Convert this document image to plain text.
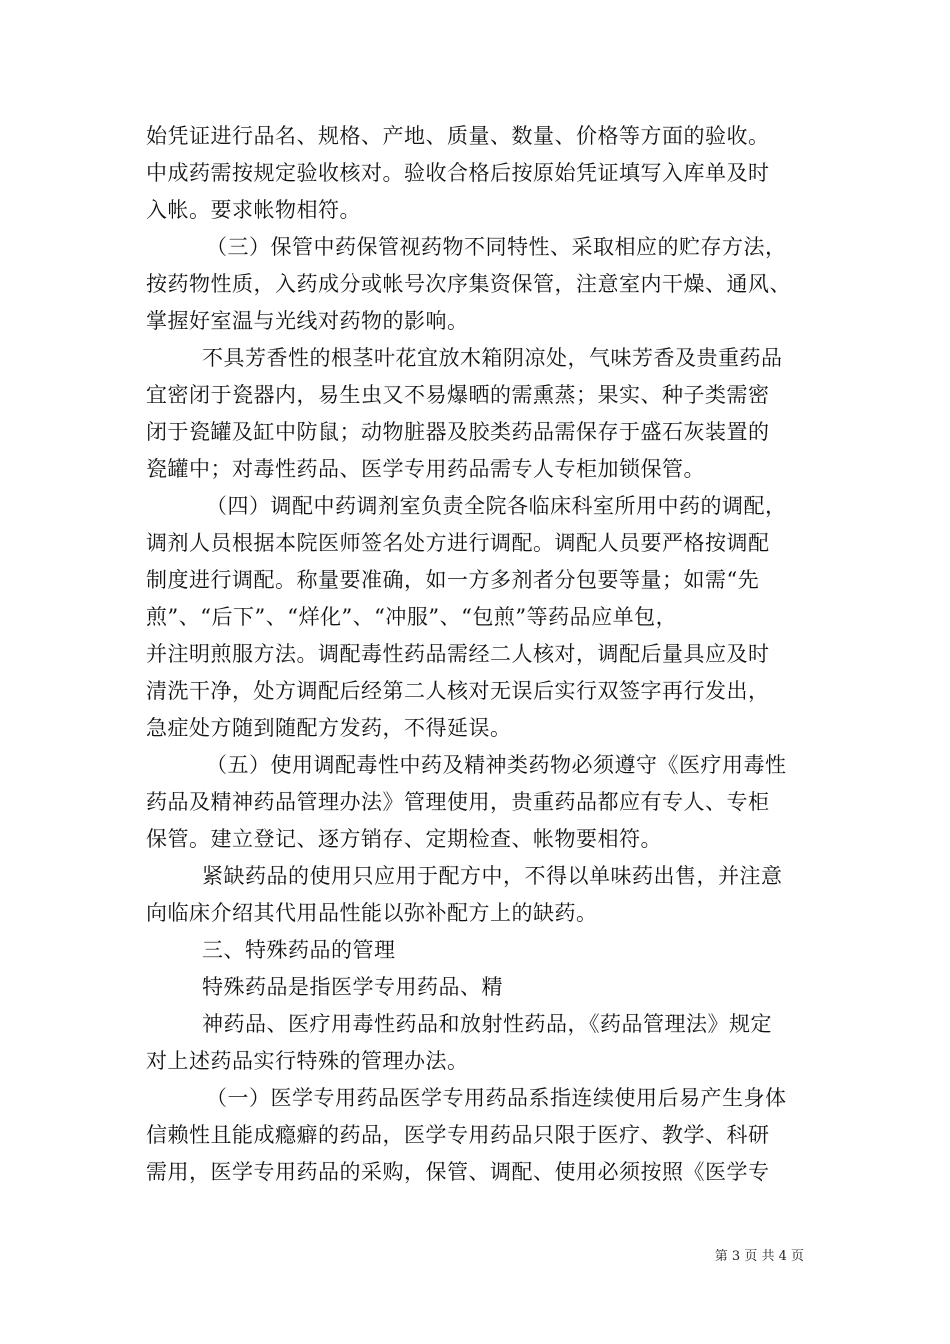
始凭证进行品名、规格、产地、质量、数量、价格等方面的验收。
中成药需按规定验收核对。验收合格后按原始凭证填写入库单及时
入帐。要求帐物相符。
（三）保管中药保管视药物不同特性、采取相应的贮存方法，
按药物性质，入药成分或帐号次序集资保管，注意室内干燥、通风、
掌握好室温与光线对药物的影响。
不具芳香性的根茎叶花宜放木箱阴凉处，气味芳香及贵重药品
宜密闭于瓷器内，易生虫又不易爆晒的需熏蒸；果实、种子类需密
闭于瓷罐及缸中防鼠；动物脏器及胶类药品需保存于盛石灰装置的
瓷罐中；对毒性药品、医学专用药品需专人专柜加锁保管。
（四）调配中药调剂室负责全院各临床科室所用中药的调配，
调剂人员根据本院医师签名处方进行调配。调配人员要严格按调配
制度进行调配。称量要准确，如一方多剂者分包要等量；如需“先
煎”、“后下”、“烊化”、“冲服”、“包煎”等药品应单包，
并注明煎服方法。调配毒性药品需经二人核对，调配后量具应及时
清洗干净，处方调配后经第二人核对无误后实行双签字再行发出，
急症处方随到随配方发药，不得延误。
（五）使用调配毒性中药及精神类药物必须遵守《医疗用毒性
药品及精神药品管理办法》管理使用，贵重药品都应有专人、专柜
保管。建立登记、逐方销存、定期检查、帐物要相符。
紧缺药品的使用只应用于配方中，不得以单味药出售，并注意
向临床介绍其代用品性能以弥补配方上的缺药。
三、特殊药品的管理
特殊药品是指医学专用药品、精
神药品、医疗用毒性药品和放射性药品，《药品管理法》规定
对上述药品实行特殊的管理办法。
（一）医学专用药品医学专用药品系指连续使用后易产生身体
信赖性且能成瘾癖的药品，医学专用药品只限于医疗、教学、科研
需用，医学专用药品的采购，保管、调配、使用必须按照《医学专
第 3 页 共 4 页
